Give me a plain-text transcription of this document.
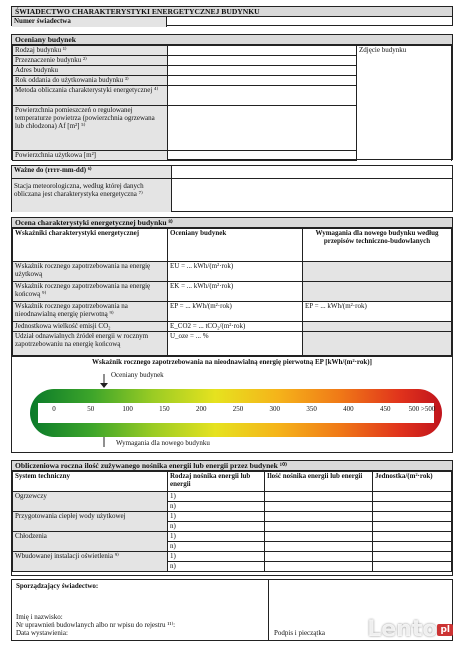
ŚWIADECTWO CHARAKTERYSTYKI ENERGETYCZNEJ BUDYNKU
Numer świadectwa	
Oceniany budynek
Rodzaj budynku ¹⁾		Zdjęcie budynku
Przeznaczenie budynku ²⁾		
Adres budynku		
Rok oddania do użytkowania budynku ³⁾		
Metoda obliczania charakterystyki energetycznej ⁴⁾		
Powierzchnia pomieszczeń o regulowanej temperaturze powietrza (powierzchnia ogrzewana lub chłodzona) Af [m²] ⁵⁾		
Powierzchnia użytkowa [m²]		
Ważne do (rrrr-mm-dd) ⁶⁾	
Stacja meteorologiczna, według której danych obliczana jest charakterystyka energetyczna ⁷⁾	
Ocena charakterystyki energetycznej budynku ⁸⁾
Wskaźniki charakterystyki energetycznej	Oceniany budynek	Wymagania dla nowego budynku według przepisów techniczno-budowlanych
Wskaźnik rocznego zapotrzebowania na energię użytkową	EU = ... kWh/(m²·rok)	
Wskaźnik rocznego zapotrzebowania na energię końcową ⁹⁾	EK = ... kWh/(m²·rok)	
Wskaźnik rocznego zapotrzebowania na nieodnawialną energię pierwotną ⁹⁾	EP = ... kWh/(m²·rok)	EP = ... kWh/(m²·rok)
Jednostkowa wielkość emisji CO₂	E_CO2 = ... tCO₂/(m²·rok)	
Udział odnawialnych źródeł energii w rocznym zapotrzebowaniu na energię końcową	U_oze = ... %	
Wskaźnik rocznego zapotrzebowania na nieodnawialną energię pierwotną EP [kWh/(m²·rok)]
Oceniany budynek
0	50	100	150	200	250	300	350	400	450	500 >500
Wymagania dla nowego budynku
Obliczeniowa roczna ilość zużywanego nośnika energii lub energii przez budynek ¹⁰⁾
System techniczny	Rodzaj nośnika energii lub energii	Ilość nośnika energii lub energii	Jednostka/(m²·rok)
Ogrzewczy	1)		
	n)		
Przygotowania ciepłej wody użytkowej	1)		
	n)		
Chłodzenia	1)		
	n)		
Wbudowanej instalacji oświetlenia ⁹⁾	1)		
	n)		
Sporządzający świadectwo:
Imię i nazwisko:
Nr uprawnień budowlanych albo nr wpisu do rejestru ¹¹⁾:
Data wystawienia:	Podpis i pieczątka Lento pl
